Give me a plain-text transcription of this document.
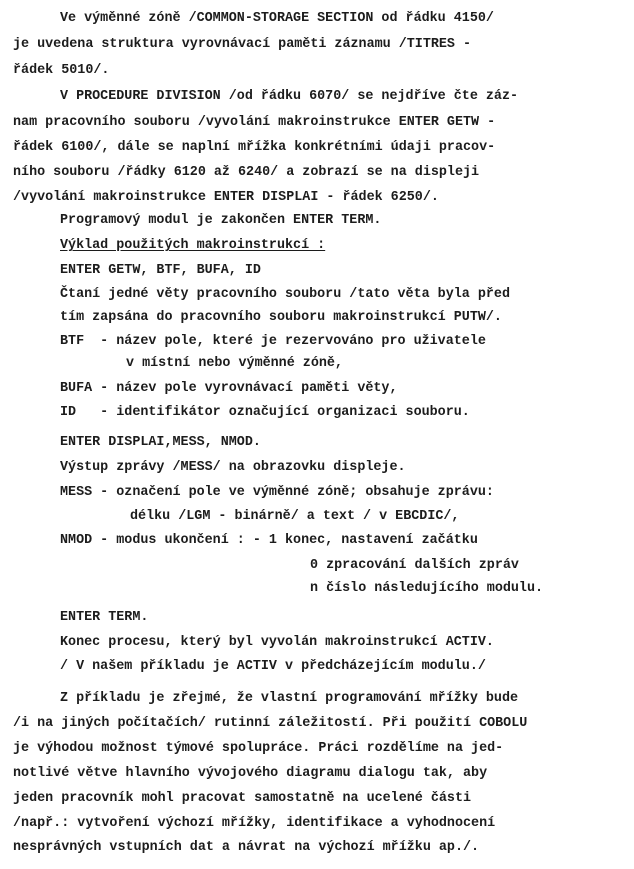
Ve výměnné zóně /COMMON-STORAGE SECTION od řádku 4150/
je uvedena struktura vyrovnávací paměti záznamu /TITRES -
řádek 5010/.
V PROCEDURE DIVISION /od řádku 6070/ se nejdříve čte záz-
nam pracovního souboru /vyvolání makroinstrukce ENTER GETW -
řádek 6100/, dále se naplní mřížka konkrétními údaji pracov-
ního souboru /řádky 6120 až 6240/ a zobrazí se na displeji
/vyvolání makroinstrukce ENTER DISPLAI - řádek 6250/.
Programový modul je zakončen ENTER TERM.
Výklad použitých makroinstrukcí :
ENTER GETW, BTF, BUFA, ID
Čtaní jedné věty pracovního souboru /tato věta byla před
tím zapsána do pracovního souboru makroinstrukcí PUTW/.
BTF  - název pole, které je rezervováno pro uživatele
v místní nebo výměnné zóně,
BUFA - název pole vyrovnávací paměti věty,
ID   - identifikátor označující organizaci souboru.
ENTER DISPLAI,MESS, NMOD.
Výstup zprávy /MESS/ na obrazovku displeje.
MESS - označení pole ve výměnné zóně; obsahuje zprávu:
délku /LGM - binárně/ a text / v EBCDIC/,
NMOD - modus ukončení : - 1 konec, nastavení začátku
0 zpracování dalších zpráv
n číslo následujícího modulu.
ENTER TERM.
Konec procesu, který byl vyvolán makroinstrukcí ACTIV.
/ V našem příkladu je ACTIV v předcházejícím modulu./
Z příkladu je zřejmé, že vlastní programování mřížky bude
/i na jiných počítačích/ rutinní záležitostí. Při použití COBOLU
je výhodou možnost týmové spolupráce. Práci rozdělíme na jed-
notlivé větve hlavního vývojového diagramu dialogu tak, aby
jeden pracovník mohl pracovat samostatně na ucelené části
/např.: vytvoření výchozí mřížky, identifikace a vyhodnocení
nesprávných vstupních dat a návrat na výchozí mřížku ap./.
